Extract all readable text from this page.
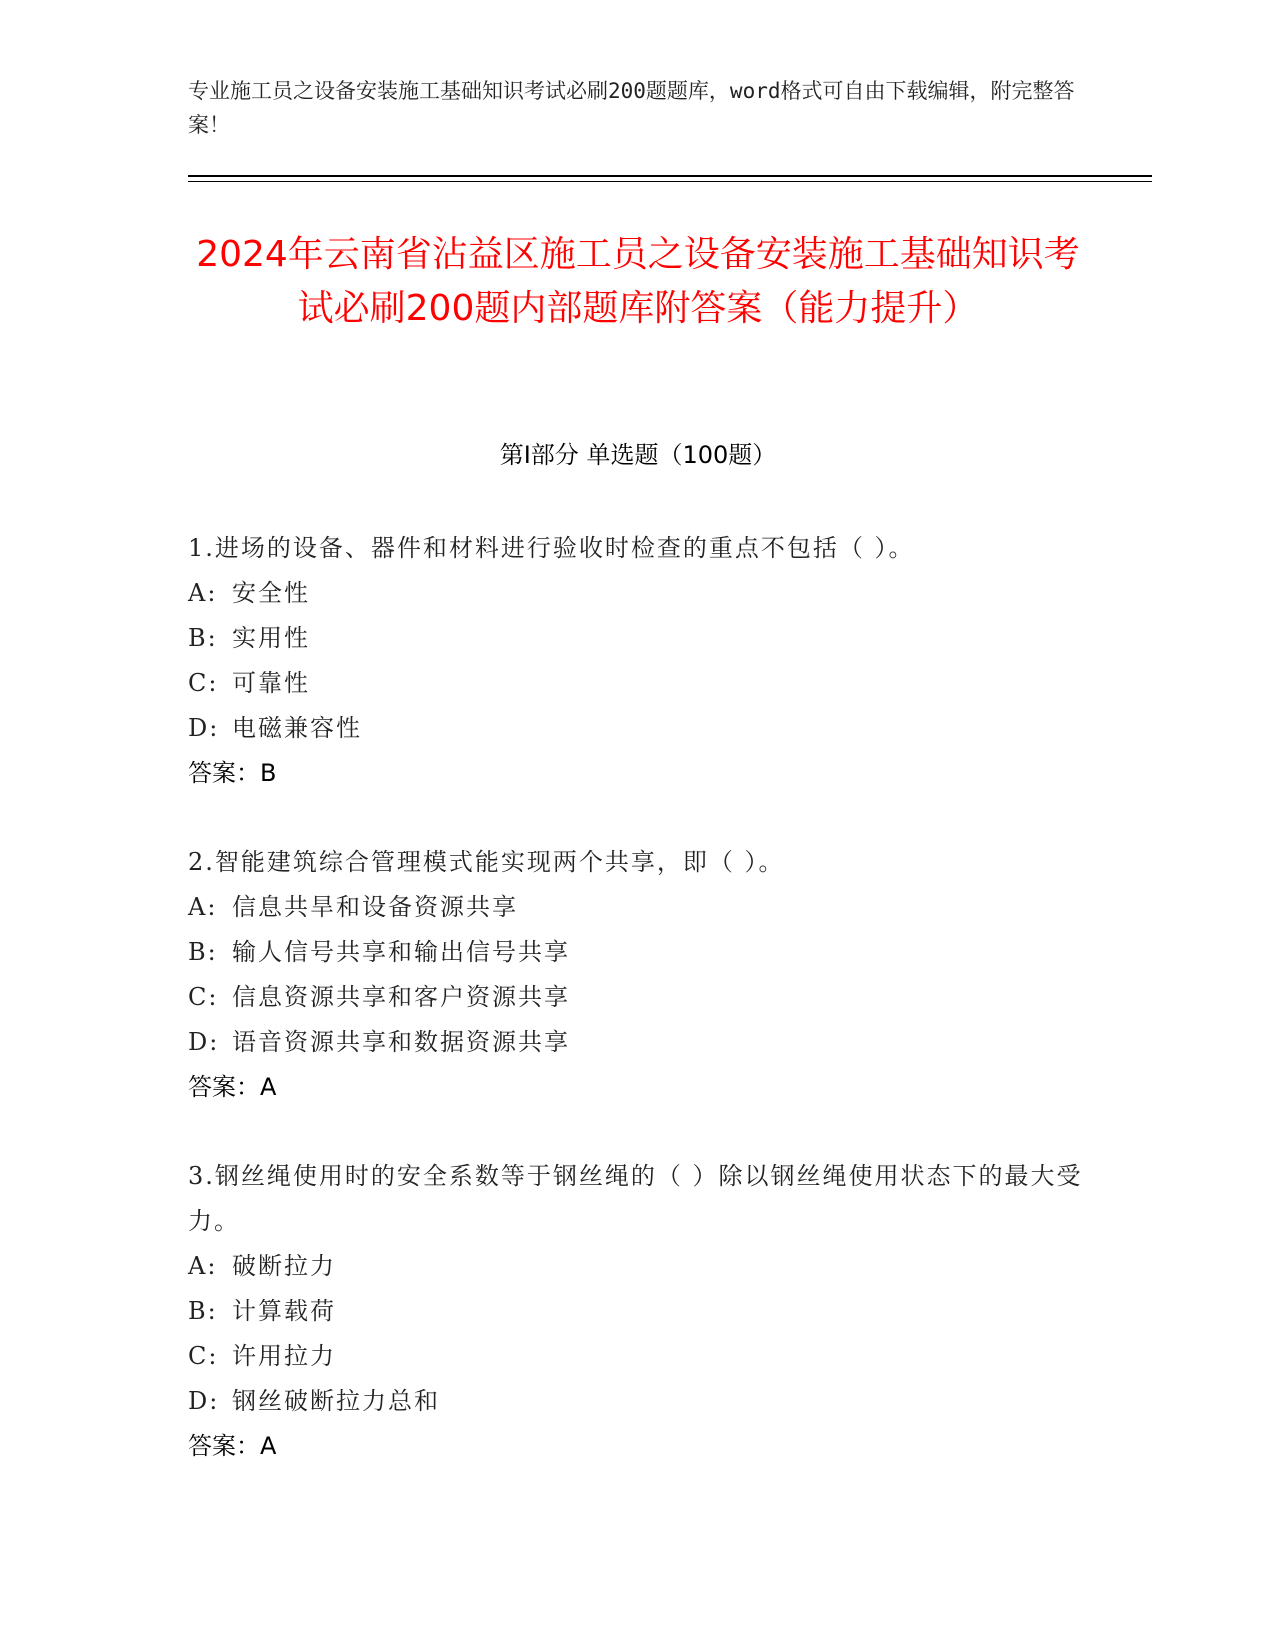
专业施工员之设备安装施工基础知识考试必刷200题题库，word格式可自由下载编辑，附完整答案！
2024年云南省沾益区施工员之设备安装施工基础知识考试必刷200题内部题库附答案（能力提升）
第I部分 单选题（100题）
1.进场的设备、器件和材料进行验收时检查的重点不包括（ ）。
A: 安全性
B: 实用性
C: 可靠性
D: 电磁兼容性
答案：B
2.智能建筑综合管理模式能实现两个共享，即（ ）。
A: 信息共旱和设备资源共享
B: 输人信号共享和输出信号共享
C: 信息资源共享和客户资源共享
D: 语音资源共享和数据资源共享
答案：A
3.钢丝绳使用时的安全系数等于钢丝绳的（ ）除以钢丝绳使用状态下的最大受力。
A: 破断拉力
B: 计算载荷
C: 许用拉力
D: 钢丝破断拉力总和
答案：A
